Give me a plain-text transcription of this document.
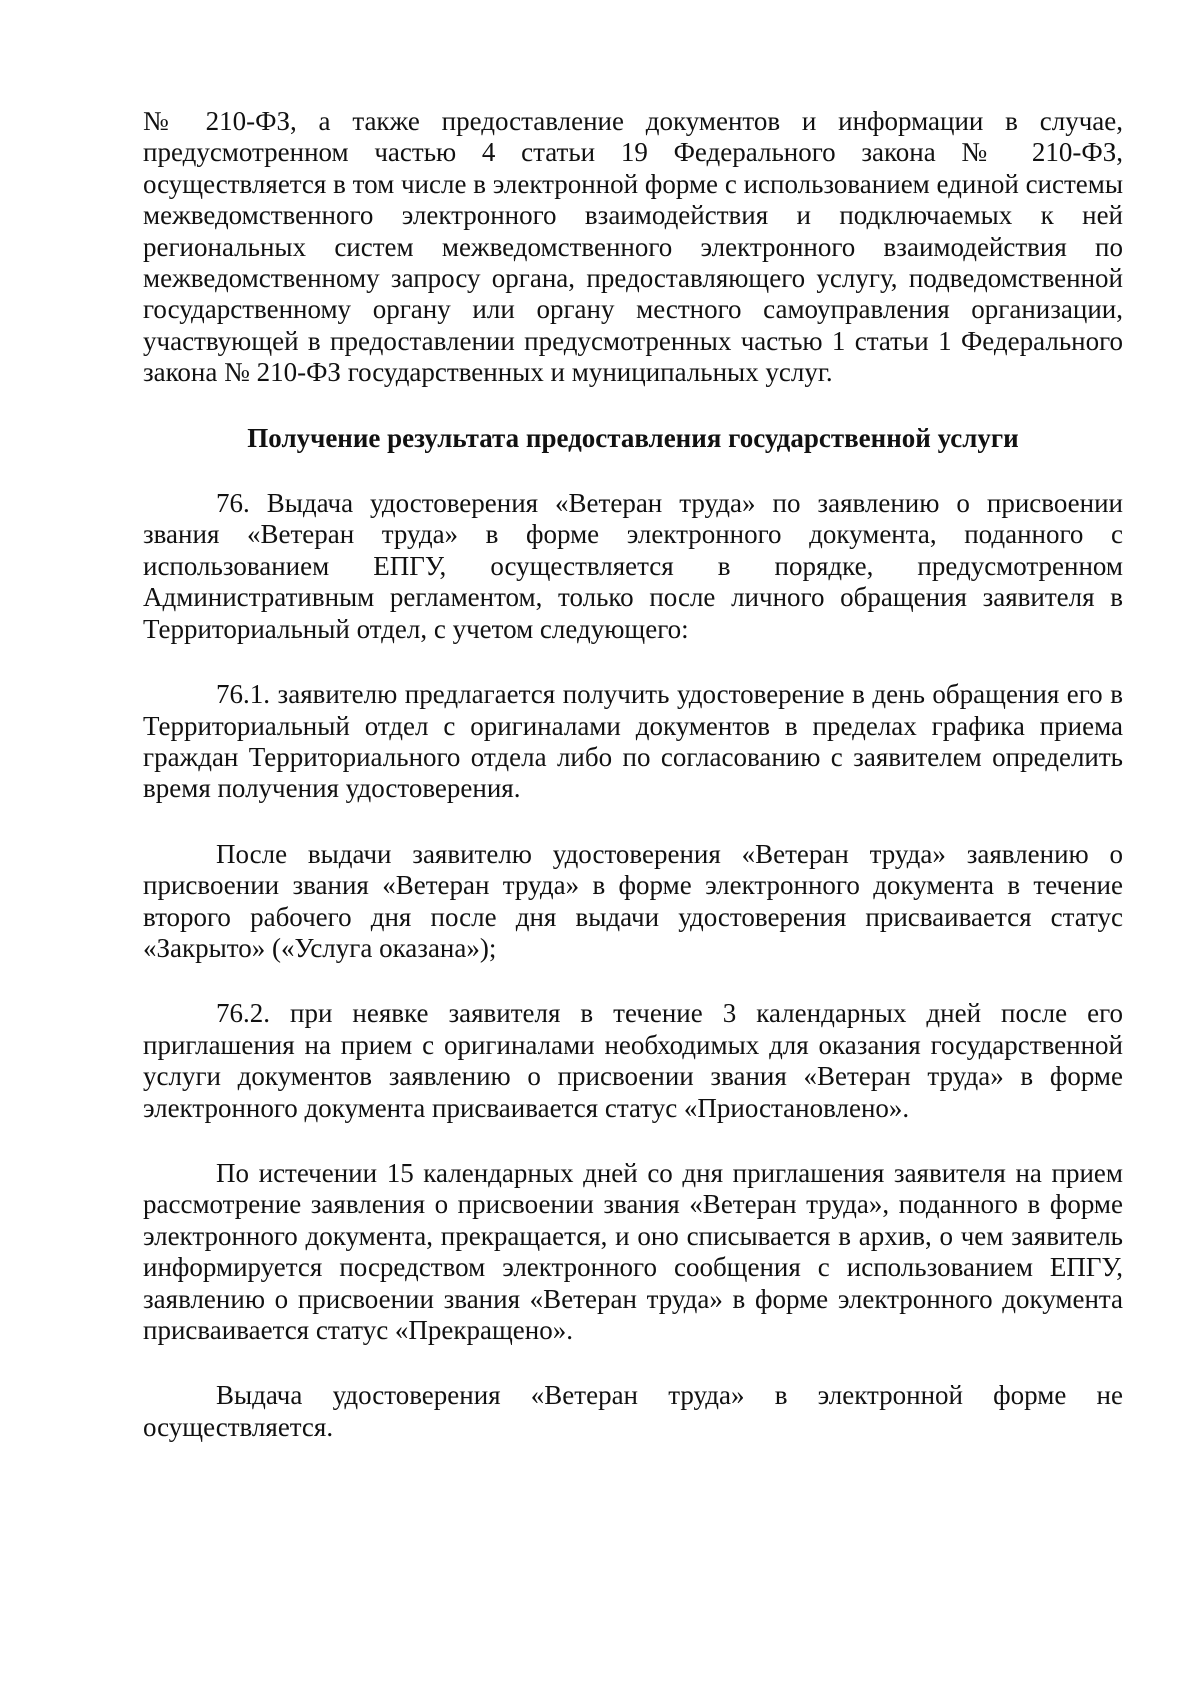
№ 210-ФЗ, а также предоставление документов и информации в случае, предусмотренном частью 4 статьи 19 Федерального закона № 210-ФЗ, осуществляется в том числе в электронной форме с использованием единой системы межведомственного электронного взаимодействия и подключаемых к ней региональных систем межведомственного электронного взаимодействия по межведомственному запросу органа, предоставляющего услугу, подведомственной государственному органу или органу местного самоуправления организации, участвующей в предоставлении предусмотренных частью 1 статьи 1 Федерального закона № 210-ФЗ государственных и муниципальных услуг.

Получение результата предоставления государственной услуги

76. Выдача удостоверения «Ветеран труда» по заявлению о присвоении звания «Ветеран труда» в форме электронного документа, поданного с использованием ЕПГУ, осуществляется в порядке, предусмотренном Административным регламентом, только после личного обращения заявителя в Территориальный отдел, с учетом следующего:

76.1. заявителю предлагается получить удостоверение в день обращения его в Территориальный отдел с оригиналами документов в пределах графика приема граждан Территориального отдела либо по согласованию с заявителем определить время получения удостоверения.

После выдачи заявителю удостоверения «Ветеран труда» заявлению о присвоении звания «Ветеран труда» в форме электронного документа в течение второго рабочего дня после дня выдачи удостоверения присваивается статус «Закрыто» («Услуга оказана»);

76.2. при неявке заявителя в течение 3 календарных дней после его приглашения на прием с оригиналами необходимых для оказания государственной услуги документов заявлению о присвоении звания «Ветеран труда» в форме электронного документа присваивается статус «Приостановлено».

По истечении 15 календарных дней со дня приглашения заявителя на прием рассмотрение заявления о присвоении звания «Ветеран труда», поданного в форме электронного документа, прекращается, и оно списывается в архив, о чем заявитель информируется посредством электронного сообщения с использованием ЕПГУ, заявлению о присвоении звания «Ветеран труда» в форме электронного документа присваивается статус «Прекращено».

Выдача удостоверения «Ветеран труда» в электронной форме не осуществляется.
